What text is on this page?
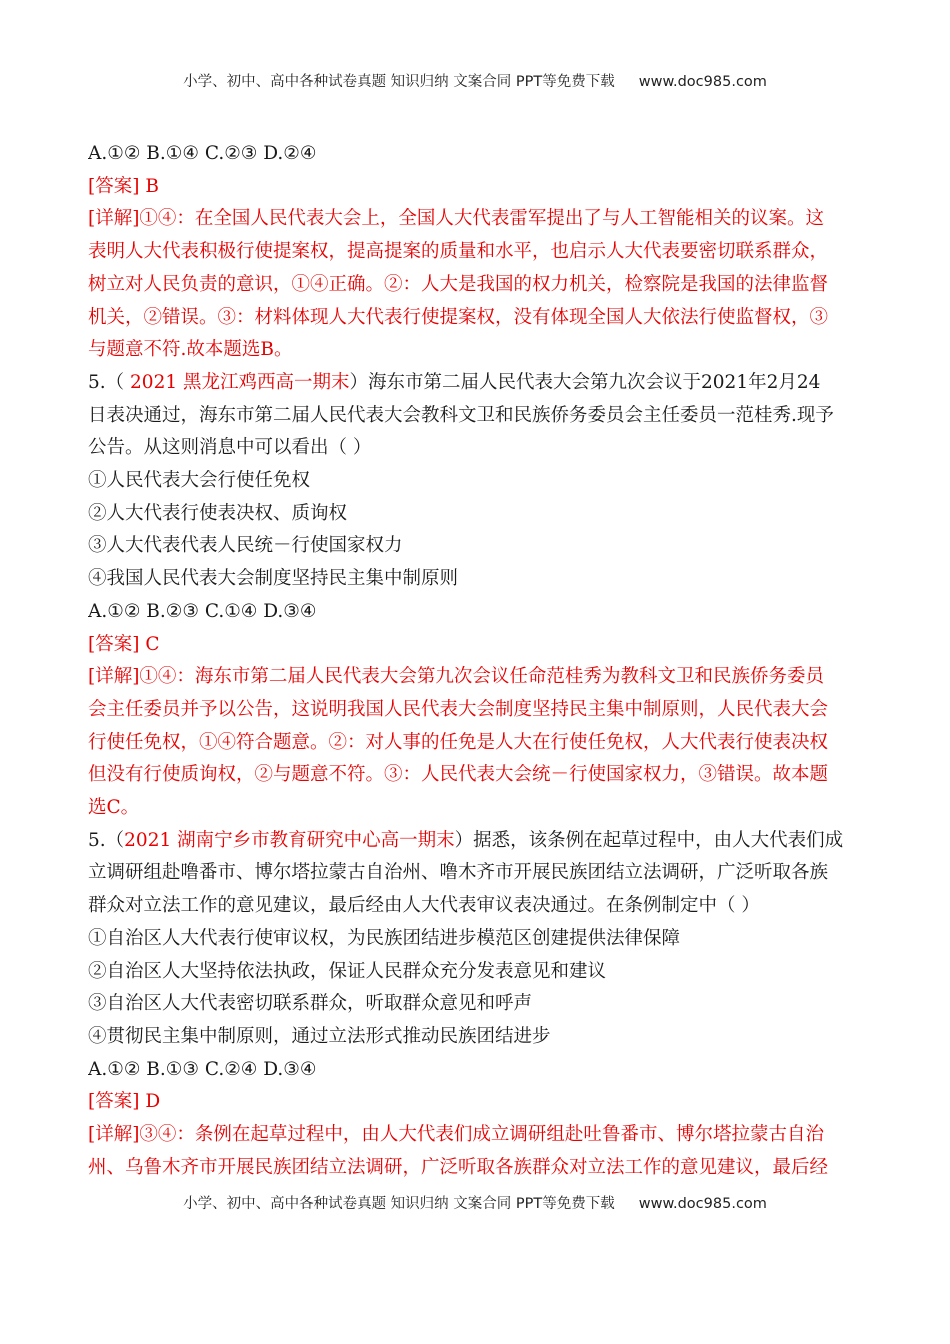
小学、初中、高中各种试卷真题 知识归纳 文案合同 PPT等免费下载 www.doc985.com
A.①② B.①④ C.②③ D.②④
[答案] B
[详解]①④：在全国人民代表大会上，全国人大代表雷军提出了与人工智能相关的议案。这
表明人大代表积极行使提案权，提高提案的质量和水平，也启示人大代表要密切联系群众，
树立对人民负责的意识，①④正确。②：人大是我国的权力机关，检察院是我国的法律监督
机关，②错误。③：材料体现人大代表行使提案权，没有体现全国人大依法行使监督权，③
与题意不符.故本题选B。
5.（ 2021 黑龙江鸡西高一期末）海东市第二届人民代表大会第九次会议于2021年2月24
日表决通过，海东市第二届人民代表大会教科文卫和民族侨务委员会主任委员一范桂秀.现予
公告。从这则消息中可以看出（ ）
①人民代表大会行使任免权
②人大代表行使表决权、质询权
③人大代表代表人民统－行使国家权力
④我国人民代表大会制度坚持民主集中制原则
A.①② B.②③ C.①④ D.③④
[答案] C
[详解]①④：海东市第二届人民代表大会第九次会议任命范桂秀为教科文卫和民族侨务委员
会主任委员并予以公告，这说明我国人民代表大会制度坚持民主集中制原则，人民代表大会
行使任免权，①④符合题意。②：对人事的任免是人大在行使任免权，人大代表行使表决权
但没有行使质询权，②与题意不符。③：人民代表大会统－行使国家权力，③错误。故本题
选C。
5.（2021 湖南宁乡市教育研究中心高一期末）据悉，该条例在起草过程中，由人大代表们成
立调研组赴噜番市、博尔塔拉蒙古自治州、噜木齐市开展民族团结立法调研，广泛听取各族
群众对立法工作的意见建议，最后经由人大代表审议表决通过。在条例制定中（ ）
①自治区人大代表行使审议权，为民族团结进步模范区创建提供法律保障
②自治区人大坚持依法执政，保证人民群众充分发表意见和建议
③自治区人大代表密切联系群众，听取群众意见和呼声
④贯彻民主集中制原则，通过立法形式推动民族团结进步
A.①② B.①③ C.②④ D.③④
[答案] D
[详解]③④：条例在起草过程中，由人大代表们成立调研组赴吐鲁番市、博尔塔拉蒙古自治
州、乌鲁木齐市开展民族团结立法调研，广泛听取各族群众对立法工作的意见建议，最后经
小学、初中、高中各种试卷真题 知识归纳 文案合同 PPT等免费下载 www.doc985.com
